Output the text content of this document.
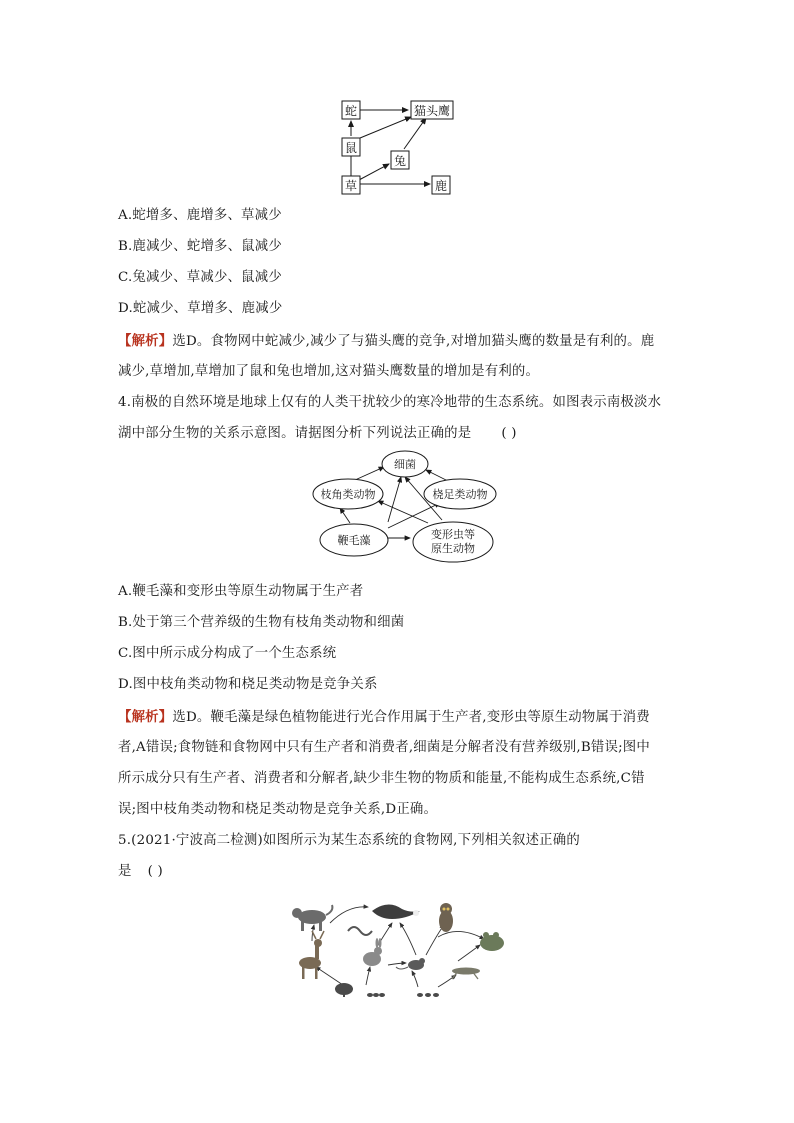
蛇	猫头鹰
鼠
兔
草	鹿
A.蛇增多、鹿增多、草减少
B.鹿减少、蛇增多、鼠减少
C.兔减少、草减少、鼠减少
D.蛇减少、草增多、鹿减少
【解析】选D。食物网中蛇减少,减少了与猫头鹰的竞争,对增加猫头鹰的数量是有利的。鹿
减少,草增加,草增加了鼠和兔也增加,这对猫头鹰数量的增加是有利的。
4.南极的自然环境是地球上仅有的人类干扰较少的寒冷地带的生态系统。如图表示南极淡水
湖中部分生物的关系示意图。请据图分析下列说法正确的是 ( )
细菌
枝角类动物	桡足类动物
鞭毛藻	变形虫等
原生动物
A.鞭毛藻和变形虫等原生动物属于生产者
B.处于第三个营养级的生物有枝角类动物和细菌
C.图中所示成分构成了一个生态系统
D.图中枝角类动物和桡足类动物是竞争关系
【解析】选D。鞭毛藻是绿色植物能进行光合作用属于生产者,变形虫等原生动物属于消费
者,A错误;食物链和食物网中只有生产者和消费者,细菌是分解者没有营养级别,B错误;图中
所示成分只有生产者、消费者和分解者,缺少非生物的物质和能量,不能构成生态系统,C错
误;图中枝角类动物和桡足类动物是竞争关系,D正确。
5.(2021·宁波高二检测)如图所示为某生态系统的食物网,下列相关叙述正确的
是 ( )
